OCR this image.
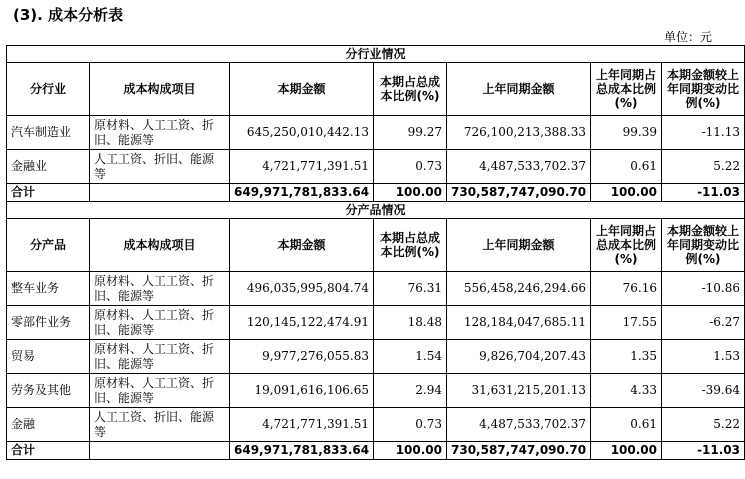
(3). 成本分析表
单位：元
分行业情况						
分行业	成本构成项目	本期金额	本期占总成本比例(%)	上年同期金额	上年同期占总成本比例(%)	本期金额较上年同期变动比例(%)
汽车制造业	原材料、人工工资、折旧、能源等	645,250,010,442.13	99.27	726,100,213,388.33	99.39	-11.13
金融业	人工工资、折旧、能源等	4,721,771,391.51	0.73	4,487,533,702.37	0.61	5.22
合计		649,971,781,833.64	100.00	730,587,747,090.70	100.00	-11.03
分产品情况						
分产品	成本构成项目	本期金额	本期占总成本比例(%)	上年同期金额	上年同期占总成本比例(%)	本期金额较上年同期变动比例(%)
整车业务	原材料、人工工资、折旧、能源等	496,035,995,804.74	76.31	556,458,246,294.66	76.16	-10.86
零部件业务	原材料、人工工资、折旧、能源等	120,145,122,474.91	18.48	128,184,047,685.11	17.55	-6.27
贸易	原材料、人工工资、折旧、能源等	9,977,276,055.83	1.54	9,826,704,207.43	1.35	1.53
劳务及其他	原材料、人工工资、折旧、能源等	19,091,616,106.65	2.94	31,631,215,201.13	4.33	-39.64
金融	人工工资、折旧、能源等	4,721,771,391.51	0.73	4,487,533,702.37	0.61	5.22
合计		649,971,781,833.64	100.00	730,587,747,090.70	100.00	-11.03
